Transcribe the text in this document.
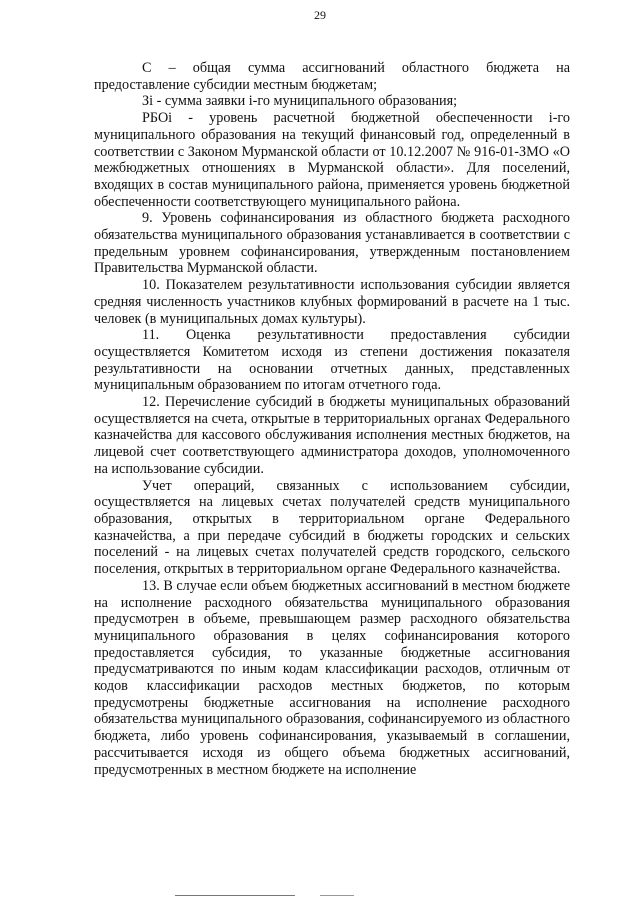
29

C – общая сумма ассигнований областного бюджета на предоставление субсидии местным бюджетам;

Зi - сумма заявки i-го муниципального образования;

РБОi - уровень расчетной бюджетной обеспеченности i-го муниципального образования на текущий финансовый год, определенный в соответствии с Законом Мурманской области от 10.12.2007 № 916-01-ЗМО «О межбюджетных отношениях в Мурманской области». Для поселений, входящих в состав муниципального района, применяется уровень бюджетной обеспеченности соответствующего муниципального района.

9. Уровень софинансирования из областного бюджета расходного обязательства муниципального образования устанавливается в соответствии с предельным уровнем софинансирования, утвержденным постановлением Правительства Мурманской области.

10. Показателем результативности использования субсидии является средняя численность участников клубных формирований в расчете на 1 тыс. человек (в муниципальных домах культуры).

11. Оценка результативности предоставления субсидии осуществляется Комитетом исходя из степени достижения показателя результативности на основании отчетных данных, представленных муниципальным образованием по итогам отчетного года.

12. Перечисление субсидий в бюджеты муниципальных образований осуществляется на счета, открытые в территориальных органах Федерального казначейства для кассового обслуживания исполнения местных бюджетов, на лицевой счет соответствующего администратора доходов, уполномоченного на использование субсидии.

Учет операций, связанных с использованием субсидии, осуществляется на лицевых счетах получателей средств муниципального образования, открытых в территориальном органе Федерального казначейства, а при передаче субсидий в бюджеты городских и сельских поселений - на лицевых счетах получателей средств городского, сельского поселения, открытых в территориальном органе Федерального казначейства.

13. В случае если объем бюджетных ассигнований в местном бюджете на исполнение расходного обязательства муниципального образования предусмотрен в объеме, превышающем размер расходного обязательства муниципального образования в целях софинансирования которого предоставляется субсидия, то указанные бюджетные ассигнования предусматриваются по иным кодам классификации расходов, отличным от кодов классификации расходов местных бюджетов, по которым предусмотрены бюджетные ассигнования на исполнение расходного обязательства муниципального образования, софинансируемого из областного бюджета, либо уровень софинансирования, указываемый в соглашении, рассчитывается исходя из общего объема бюджетных ассигнований, предусмотренных в местном бюджете на исполнение
